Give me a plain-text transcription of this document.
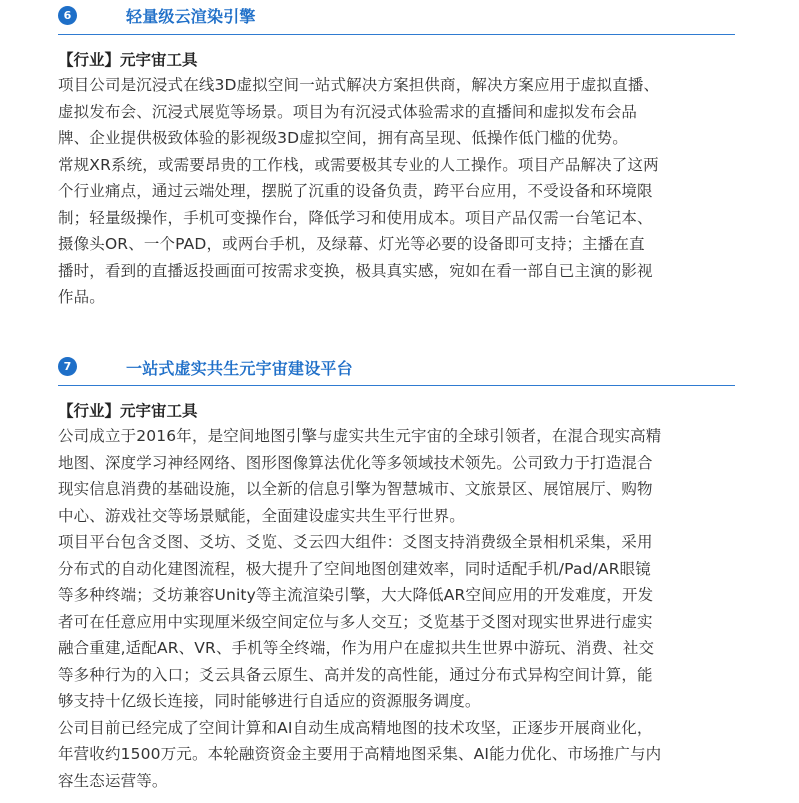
6	轻量级云渲染引擎
【行业】元宇宙工具
项目公司是沉浸式在线3D虚拟空间一站式解决方案担供商，解决方案应用于虚拟直播、
虚拟发布会、沉浸式展览等场景。项目为有沉浸式体验需求的直播间和虚拟发布会品
牌、企业提供极致体验的影视级3D虚拟空间，拥有高呈现、低操作低门槛的优势。
常规XR系统，或需要昂贵的工作栈，或需要极其专业的人工操作。项目产品解决了这两
个行业痛点，通过云端处理，摆脱了沉重的设备负责，跨平台应用，不受设备和环境限
制；轻量级操作，手机可变操作台，降低学习和使用成本。项目产品仅需一台笔记本、
摄像头OR、一个PAD，或两台手机，及绿幕、灯光等必要的设备即可支持；主播在直
播时，看到的直播返投画面可按需求变换，极具真实感，宛如在看一部自已主演的影视
作品。
7	一站式虚实共生元宇宙建设平台
【行业】元宇宙工具
公司成立于2016年，是空间地图引擎与虚实共生元宇宙的全球引领者，在混合现实高精
地图、深度学习神经网络、图形图像算法优化等多领域技术领先。公司致力于打造混合
现实信息消费的基础设施，以全新的信息引擎为智慧城市、文旅景区、展馆展厅、购物
中心、游戏社交等场景赋能，全面建设虚实共生平行世界。
项目平台包含爻图、爻坊、爻览、爻云四大组件：爻图支持消费级全景相机采集，采用
分布式的自动化建图流程，极大提升了空间地图创建效率，同时适配手机/Pad/AR眼镜
等多种终端；爻坊兼容Unity等主流渲染引擎，大大降低AR空间应用的开发难度，开发
者可在任意应用中实现厘米级空间定位与多人交互；爻览基于爻图对现实世界进行虚实
融合重建,适配AR、VR、手机等全终端，作为用户在虚拟共生世界中游玩、消费、社交
等多种行为的入口；爻云具备云原生、高并发的高性能，通过分布式异构空间计算，能
够支持十亿级长连接，同时能够进行自适应的资源服务调度。
公司目前已经完成了空间计算和AI自动生成高精地图的技术攻坚，正逐步开展商业化，
年营收约1500万元。本轮融资资金主要用于高精地图采集、AI能力优化、市场推广与内
容生态运营等。
